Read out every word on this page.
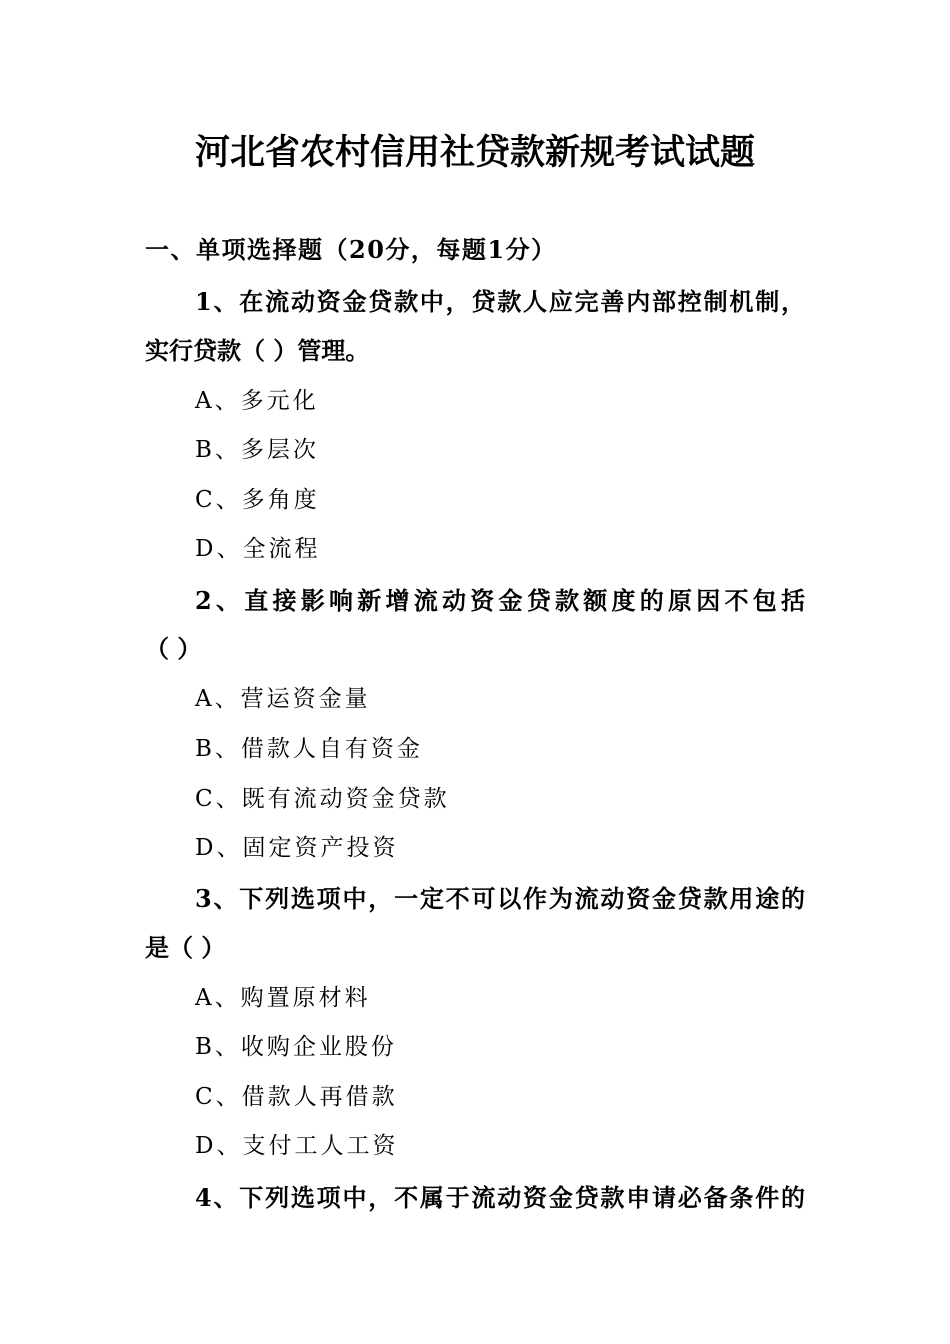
河北省农村信用社贷款新规考试试题
一、单项选择题（20分，每题1分）
1、在流动资金贷款中，贷款人应完善内部控制机制，
实行贷款（ ）管理。
A、多元化
B、多层次
C、多角度
D、全流程
2、直接影响新增流动资金贷款额度的原因不包括
（ ）
A、营运资金量
B、借款人自有资金
C、既有流动资金贷款
D、固定资产投资
3、下列选项中，一定不可以作为流动资金贷款用途的
是（ ）
A、购置原材料
B、收购企业股份
C、借款人再借款
D、支付工人工资
4、下列选项中，不属于流动资金贷款申请必备条件的
